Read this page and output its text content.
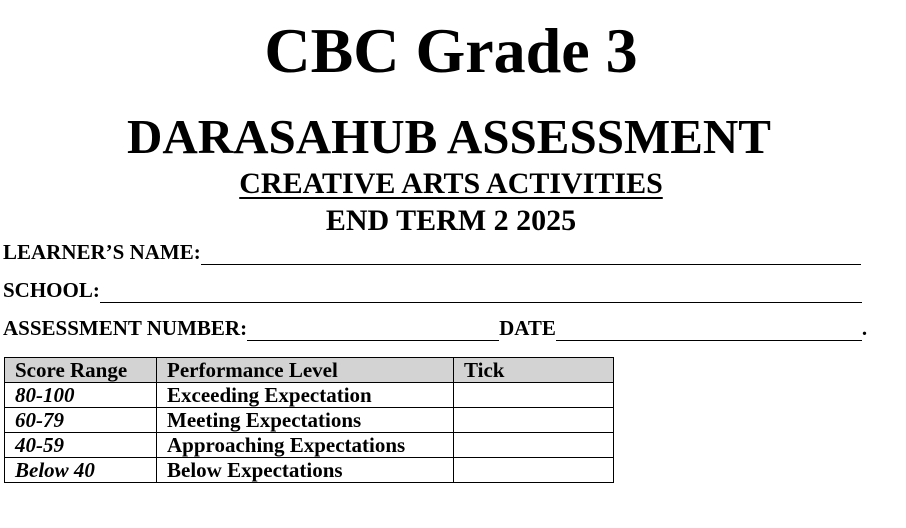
CBC Grade 3
DARASAHUB ASSESSMENT
CREATIVE ARTS ACTIVITIES
END TERM 2 2025
LEARNER’S NAME:
SCHOOL:
ASSESSMENT NUMBER:	DATE	.
Score Range	Performance Level	Tick
80-100	Exceeding Expectation	
60-79	Meeting Expectations	
40-59	Approaching Expectations	
Below 40	Below Expectations	
